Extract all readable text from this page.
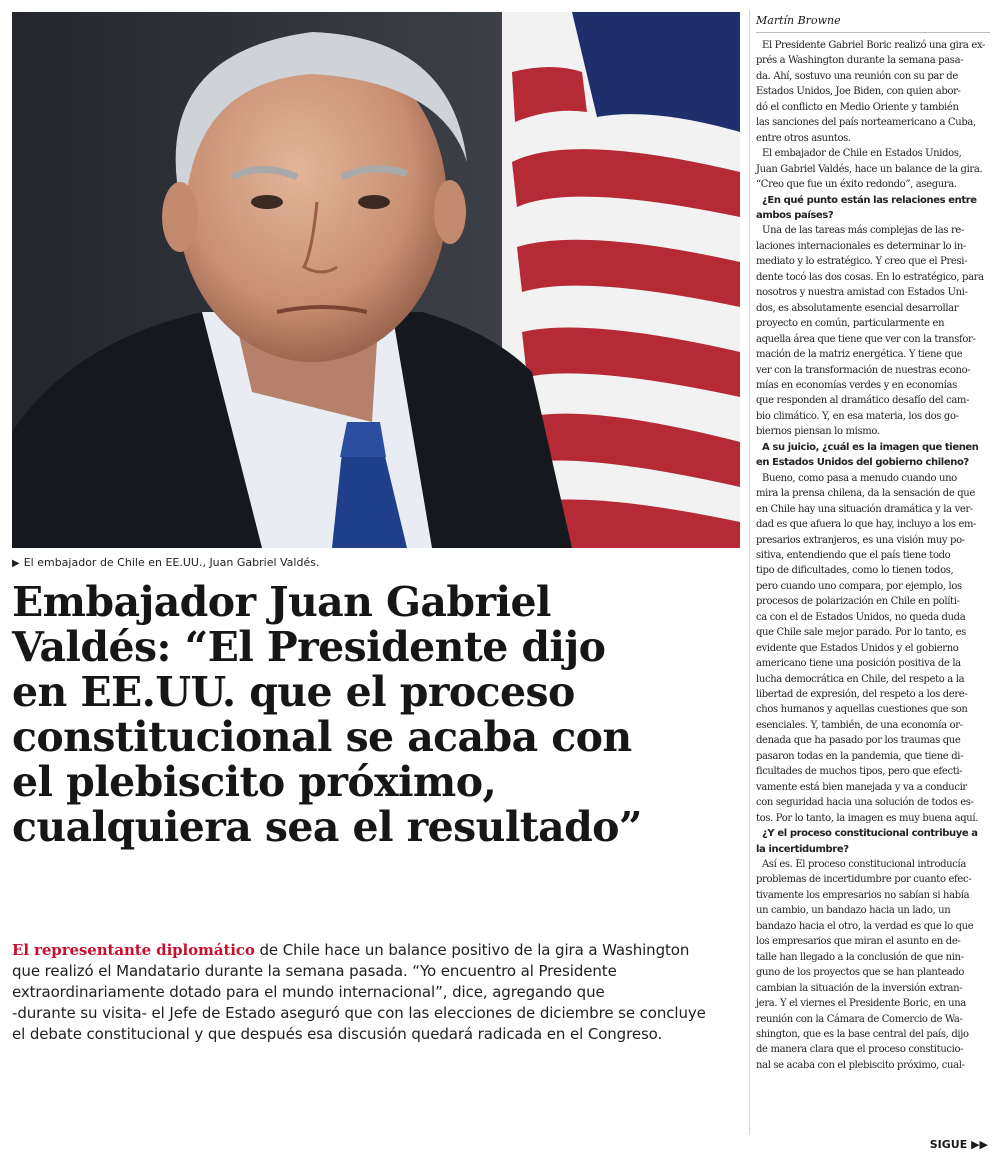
▶ El embajador de Chile en EE.UU., Juan Gabriel Valdés.
Embajador Juan Gabriel
Valdés: “El Presidente dijo
en EE.UU. que el proceso
constitucional se acaba con
el plebiscito próximo,
cualquiera sea el resultado”
El representante diplomático de Chile hace un balance positivo de la gira a Washington
que realizó el Mandatario durante la semana pasada. “Yo encuentro al Presidente
extraordinariamente dotado para el mundo internacional”, dice, agregando que
-durante su visita- el Jefe de Estado aseguró que con las elecciones de diciembre se concluye
el debate constitucional y que después esa discusión quedará radicada en el Congreso.
Martín Browne
El Presidente Gabriel Boric realizó una gira ex-
prés a Washington durante la semana pasa-
da. Ahí, sostuvo una reunión con su par de
Estados Unidos, Joe Biden, con quien abor-
dó el conflicto en Medio Oriente y también
las sanciones del país norteamericano a Cuba,
entre otros asuntos.
El embajador de Chile en Estados Unidos,
Juan Gabriel Valdés, hace un balance de la gira.
“Creo que fue un éxito redondo”, asegura.
¿En qué punto están las relaciones entre
ambos países?
Una de las tareas más complejas de las re-
laciones internacionales es determinar lo in-
mediato y lo estratégico. Y creo que el Presi-
dente tocó las dos cosas. En lo estratégico, para
nosotros y nuestra amistad con Estados Uni-
dos, es absolutamente esencial desarrollar
proyecto en común, particularmente en
aquella área que tiene que ver con la transfor-
mación de la matriz energética. Y tiene que
ver con la transformación de nuestras econo-
mías en economías verdes y en economías
que responden al dramático desafío del cam-
bio climático. Y, en esa materia, los dos go-
biernos piensan lo mismo.
A su juicio, ¿cuál es la imagen que tienen
en Estados Unidos del gobierno chileno?
Bueno, como pasa a menudo cuando uno
mira la prensa chilena, da la sensación de que
en Chile hay una situación dramática y la ver-
dad es que afuera lo que hay, incluyo a los em-
presarios extranjeros, es una visión muy po-
sitiva, entendiendo que el país tiene todo
tipo de dificultades, como lo tienen todos,
pero cuando uno compara, por ejemplo, los
procesos de polarización en Chile en políti-
ca con el de Estados Unidos, no queda duda
que Chile sale mejor parado. Por lo tanto, es
evidente que Estados Unidos y el gobierno
americano tiene una posición positiva de la
lucha democrática en Chile, del respeto a la
libertad de expresión, del respeto a los dere-
chos humanos y aquellas cuestiones que son
esenciales. Y, también, de una economía or-
denada que ha pasado por los traumas que
pasaron todas en la pandemia, que tiene di-
ficultades de muchos tipos, pero que efecti-
vamente está bien manejada y va a conducir
con seguridad hacia una solución de todos es-
tos. Por lo tanto, la imagen es muy buena aquí.
¿Y el proceso constitucional contribuye a
la incertidumbre?
Así es. El proceso constitucional introducía
problemas de incertidumbre por cuanto efec-
tivamente los empresarios no sabían si había
un cambio, un bandazo hacia un lado, un
bandazo hacia el otro, la verdad es que lo que
los empresarios que miran el asunto en de-
talle han llegado a la conclusión de que nin-
guno de los proyectos que se han planteado
cambian la situación de la inversión extran-
jera. Y el viernes el Presidente Boric, en una
reunión con la Cámara de Comercio de Wa-
shington, que es la base central del país, dijo
de manera clara que el proceso constitucio-
nal se acaba con el plebiscito próximo, cual-
SIGUE ▶▶
